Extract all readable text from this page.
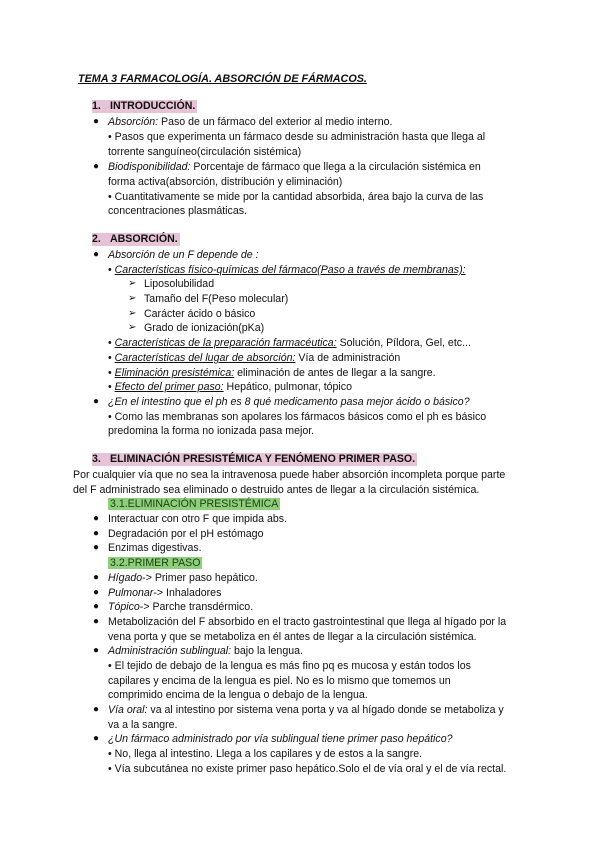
TEMA 3 FARMACOLOGÍA. ABSORCIÓN DE FÁRMACOS.
1. INTRODUCCIÓN.
● Absorción: Paso de un fármaco del exterior al medio interno.
• Pasos que experimenta un fármaco desde su administración hasta que llega al
torrente sanguíneo(circulación sistémica)
● Biodisponibilidad: Porcentaje de fármaco que llega a la circulación sistémica en
forma activa(absorción, distribución y eliminación)
• Cuantitativamente se mide por la cantidad absorbida, área bajo la curva de las
concentraciones plasmáticas.
2. ABSORCIÓN.
● Absorción de un F depende de :
• Características físico-químicas del fármaco(Paso a través de membranas):
➢ Liposolubilidad
➢ Tamaño del F(Peso molecular)
➢ Carácter ácido o básico
➢ Grado de ionización(pKa)
• Características de la preparación farmacéutica: Solución, Píldora, Gel, etc...
• Características del lugar de absorción: Vía de administración
• Eliminación presistémica: eliminación de antes de llegar a la sangre.
• Efecto del primer paso: Hepático, pulmonar, tópico
● ¿En el intestino que el ph es 8 qué medicamento pasa mejor ácido o básico?
• Como las membranas son apolares los fármacos básicos como el ph es básico
predomina la forma no ionizada pasa mejor.
3. ELIMINACIÓN PRESISTÉMICA Y FENÓMENO PRIMER PASO.
Por cualquier vía que no sea la intravenosa puede haber absorción incompleta porque parte
del F administrado sea eliminado o destruido antes de llegar a la circulación sistémica.
3.1.ELIMINACIÓN PRESISTÉMICA
● Interactuar con otro F que impida abs.
● Degradación por el pH estómago
● Enzimas digestivas.
3.2.PRIMER PASO
● Hígado-> Primer paso hepático.
● Pulmonar-> Inhaladores
● Tópico-> Parche transdérmico.
● Metabolización del F absorbido en el tracto gastrointestinal que llega al hígado por la
vena porta y que se metaboliza en él antes de llegar a la circulación sistémica.
● Administración sublingual: bajo la lengua.
• El tejido de debajo de la lengua es más fino pq es mucosa y están todos los
capilares y encima de la lengua es piel. No es lo mismo que tomemos un
comprimido encima de la lengua o debajo de la lengua.
● Vía oral: va al intestino por sistema vena porta y va al hígado donde se metaboliza y
va a la sangre.
● ¿Un fármaco administrado por vía sublingual tiene primer paso hepático?
• No, llega al intestino. Llega a los capilares y de estos a la sangre.
• Vía subcutánea no existe primer paso hepático.Solo el de vía oral y el de vía rectal.
